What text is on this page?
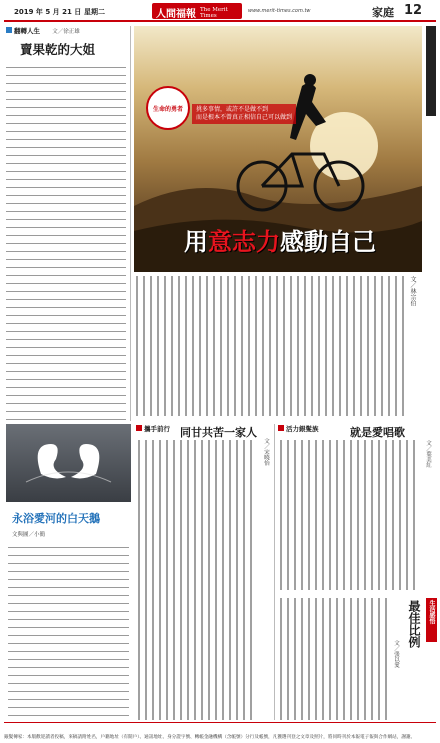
2019 年 5 月 21 日 星期二	人間福報 The Merit Times
www.merit-times.com.tw	家庭 12
翻轉人生 文／徐正雄
賣果乾的大姐
生命的勇者	挑多事情，或許不是做不到
而是根本不曾真正相信自己可以做到
用意志力感動自己
文／林宗伯
永浴愛河的白天鵝
文與圖／小簡
攜手前行 同甘共苦一家人
文／宋曉怡
活力銀髮族	就是愛唱歌
文／葉美紅
生活感悟
最佳比例
文／張以愛
銀髮傳家：本版歡迎讀者投稿，來稿請附姓名，戶籍地址（有開戶）、通訊地址、身分證字號、轉帳金融機構（含帳號）分行及帳號，凡獲選刊登之文章及照片，將同時刊於本報電子報與合作網站，謝謝。
